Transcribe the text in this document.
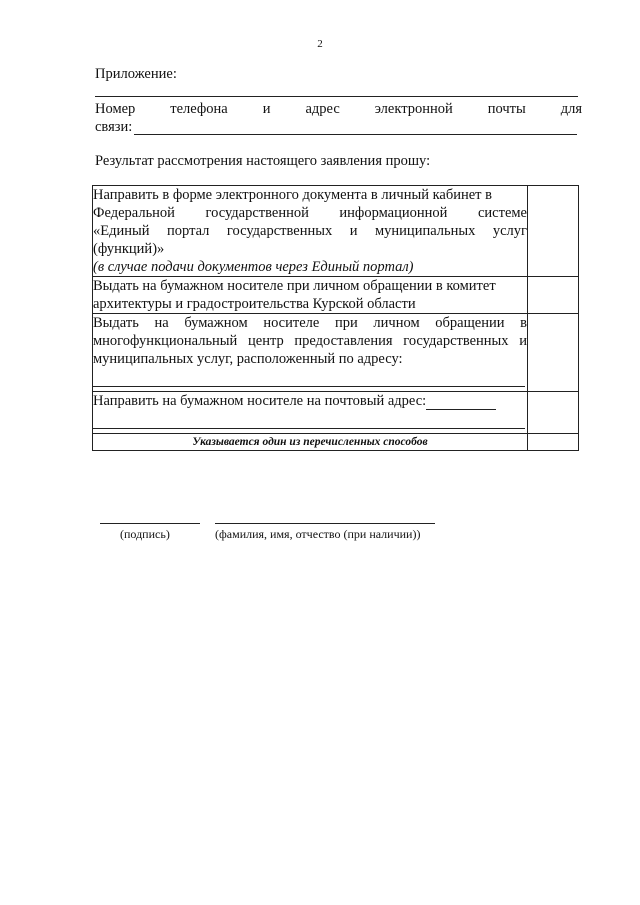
2
Приложение:
Номер телефона и адрес электронной почты для
связи:
Результат рассмотрения настоящего заявления прошу:
Направить в форме электронного документа в личный кабинет в
Федеральной государственной информационной системе
«Единый портал государственных и муниципальных услуг
(функций)»
(в случае подачи документов через Единый портал)	

Выдать на бумажном носителе при личном обращении в комитет
архитектуры и градостроительства Курской области	

Выдать на бумажном носителе при личном обращении в
многофункциональный центр предоставления государственных и
муниципальных услуг, расположенный по адресу:	

Направить на бумажном носителе на почтовый адрес:	

Указывается один из перечисленных способов	
(подпись)	(фамилия, имя, отчество (при наличии))
